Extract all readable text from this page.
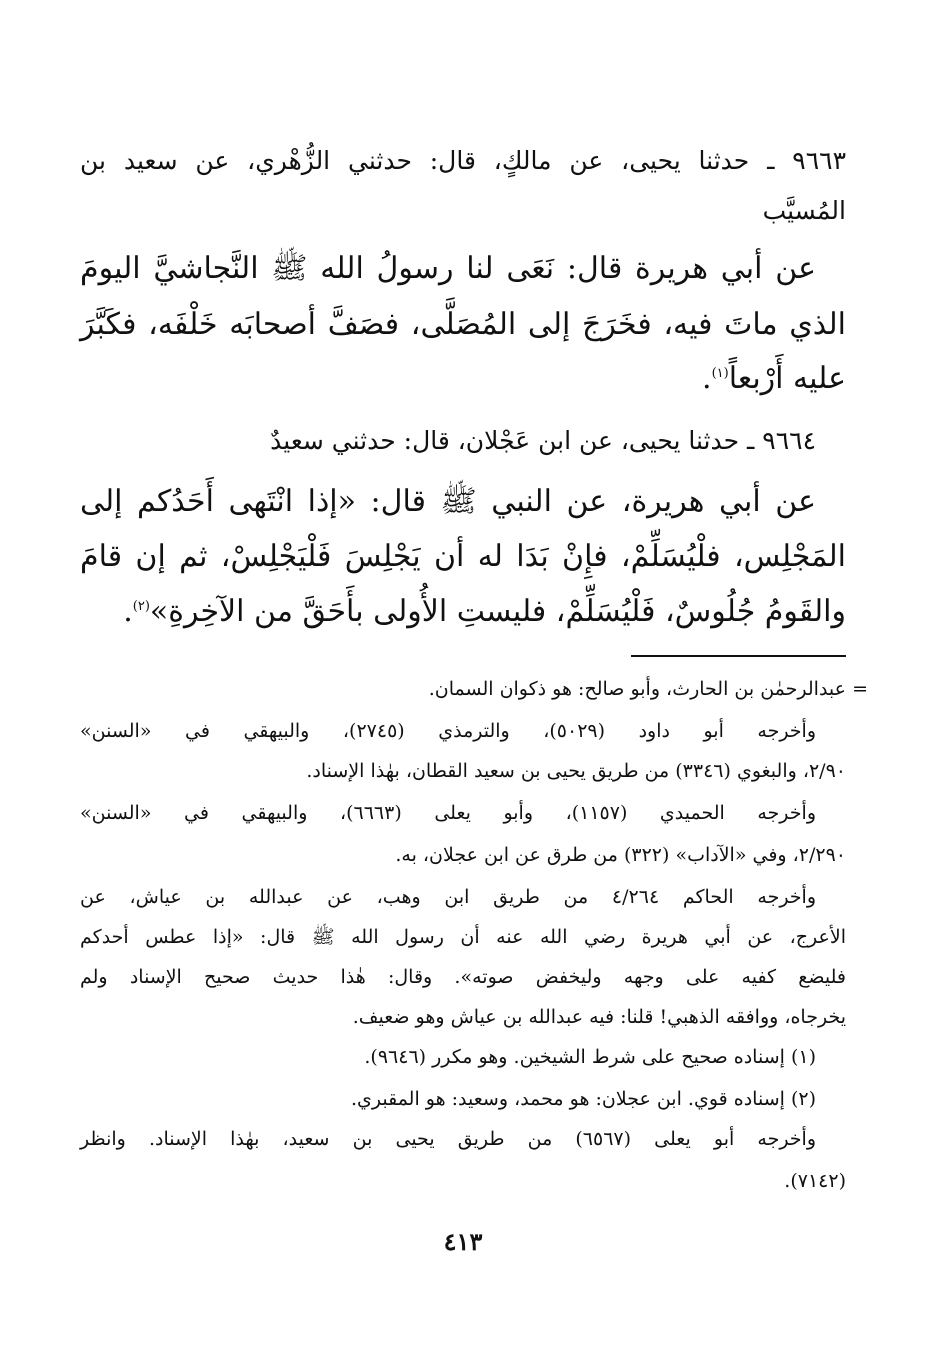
٩٦٦٣ ـ حدثنا يحيى، عن مالكٍ، قال: حدثني الزُّهْري، عن سعيد بن
المُسيَّب
عن أبي هريرة قال: نَعَى لنا رسولُ الله ﷺ النَّجاشيَّ اليومَ
الذي ماتَ فيه، فخَرَجَ إلى المُصَلَّى، فصَفَّ أصحابَه خَلْفَه، فكَبَّرَ
عليه أَرْبعاً$^{(١)}$.
٩٦٦٤ ـ حدثنا يحيى، عن ابن عَجْلان، قال: حدثني سعيدٌ
عن أبي هريرة، عن النبي ﷺ قال: «إذا انْتَهى أَحَدُكم إلى
المَجْلِس، فلْيُسَلِّمْ، فإِنْ بَدَا له أن يَجْلِسَ فَلْيَجْلِسْ، ثم إن قامَ
والقَومُ جُلُوسٌ، فَلْيُسَلِّمْ، فليستِ الأُولى بأَحَقَّ من الآخِرةِ»$^{(٢)}$.
=
عبدالرحمٰن بن الحارث، وأبو صالح: هو ذكوان السمان.
وأخرجه أبو داود (٥٠٢٩)، والترمذي (٢٧٤٥)، والبيهقي في «السنن»
٢/٩٠، والبغوي (٣٣٤٦) من طريق يحيى بن سعيد القطان، بهٰذا الإسناد.
وأخرجه الحميدي (١١٥٧)، وأبو يعلى (٦٦٦٣)، والبيهقي في «السنن»
٢/٢٩٠، وفي «الآداب» (٣٢٢) من طرق عن ابن عجلان، به.
وأخرجه الحاكم ٤/٢٦٤ من طريق ابن وهب، عن عبدالله بن عياش، عن
الأعرج، عن أبي هريرة رضي الله عنه أن رسول الله ﷺ قال: «إذا عطس أحدكم
فليضع كفيه على وجهه وليخفض صوته». وقال: هٰذا حديث صحيح الإسناد ولم
يخرجاه، ووافقه الذهبي! قلنا: فيه عبدالله بن عياش وهو ضعيف.
(١) إسناده صحيح على شرط الشيخين. وهو مكرر (٩٦٤٦).
(٢) إسناده قوي. ابن عجلان: هو محمد، وسعيد: هو المقبري.
وأخرجه أبو يعلى (٦٥٦٧) من طريق يحيى بن سعيد، بهٰذا الإسناد. وانظر
(٧١٤٢).
٤١٣
